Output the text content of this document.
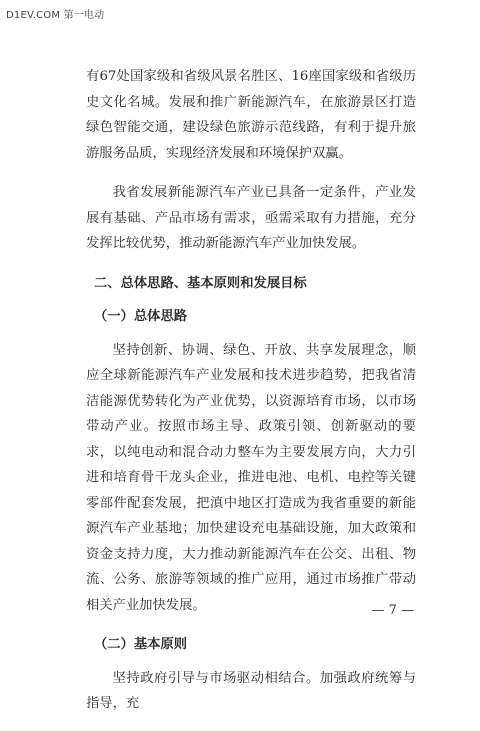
D1EV.COM 第一电动

有67处国家级和省级风景名胜区、16座国家级和省级历史文化名城。发展和推广新能源汽车，在旅游景区打造绿色智能交通，建设绿色旅游示范线路，有利于提升旅游服务品质，实现经济发展和环境保护双赢。

我省发展新能源汽车产业已具备一定条件，产业发展有基础、产品市场有需求，亟需采取有力措施，充分发挥比较优势，推动新能源汽车产业加快发展。

二、总体思路、基本原则和发展目标

（一）总体思路

坚持创新、协调、绿色、开放、共享发展理念，顺应全球新能源汽车产业发展和技术进步趋势，把我省清洁能源优势转化为产业优势，以资源培育市场，以市场带动产业。按照市场主导、政策引领、创新驱动的要求，以纯电动和混合动力整车为主要发展方向，大力引进和培育骨干龙头企业，推进电池、电机、电控等关键零部件配套发展，把滇中地区打造成为我省重要的新能源汽车产业基地；加快建设充电基础设施，加大政策和资金支持力度，大力推动新能源汽车在公交、出租、物流、公务、旅游等领域的推广应用，通过市场推广带动相关产业加快发展。

（二）基本原则

坚持政府引导与市场驱动相结合。加强政府统筹与指导，充

— 7 —
